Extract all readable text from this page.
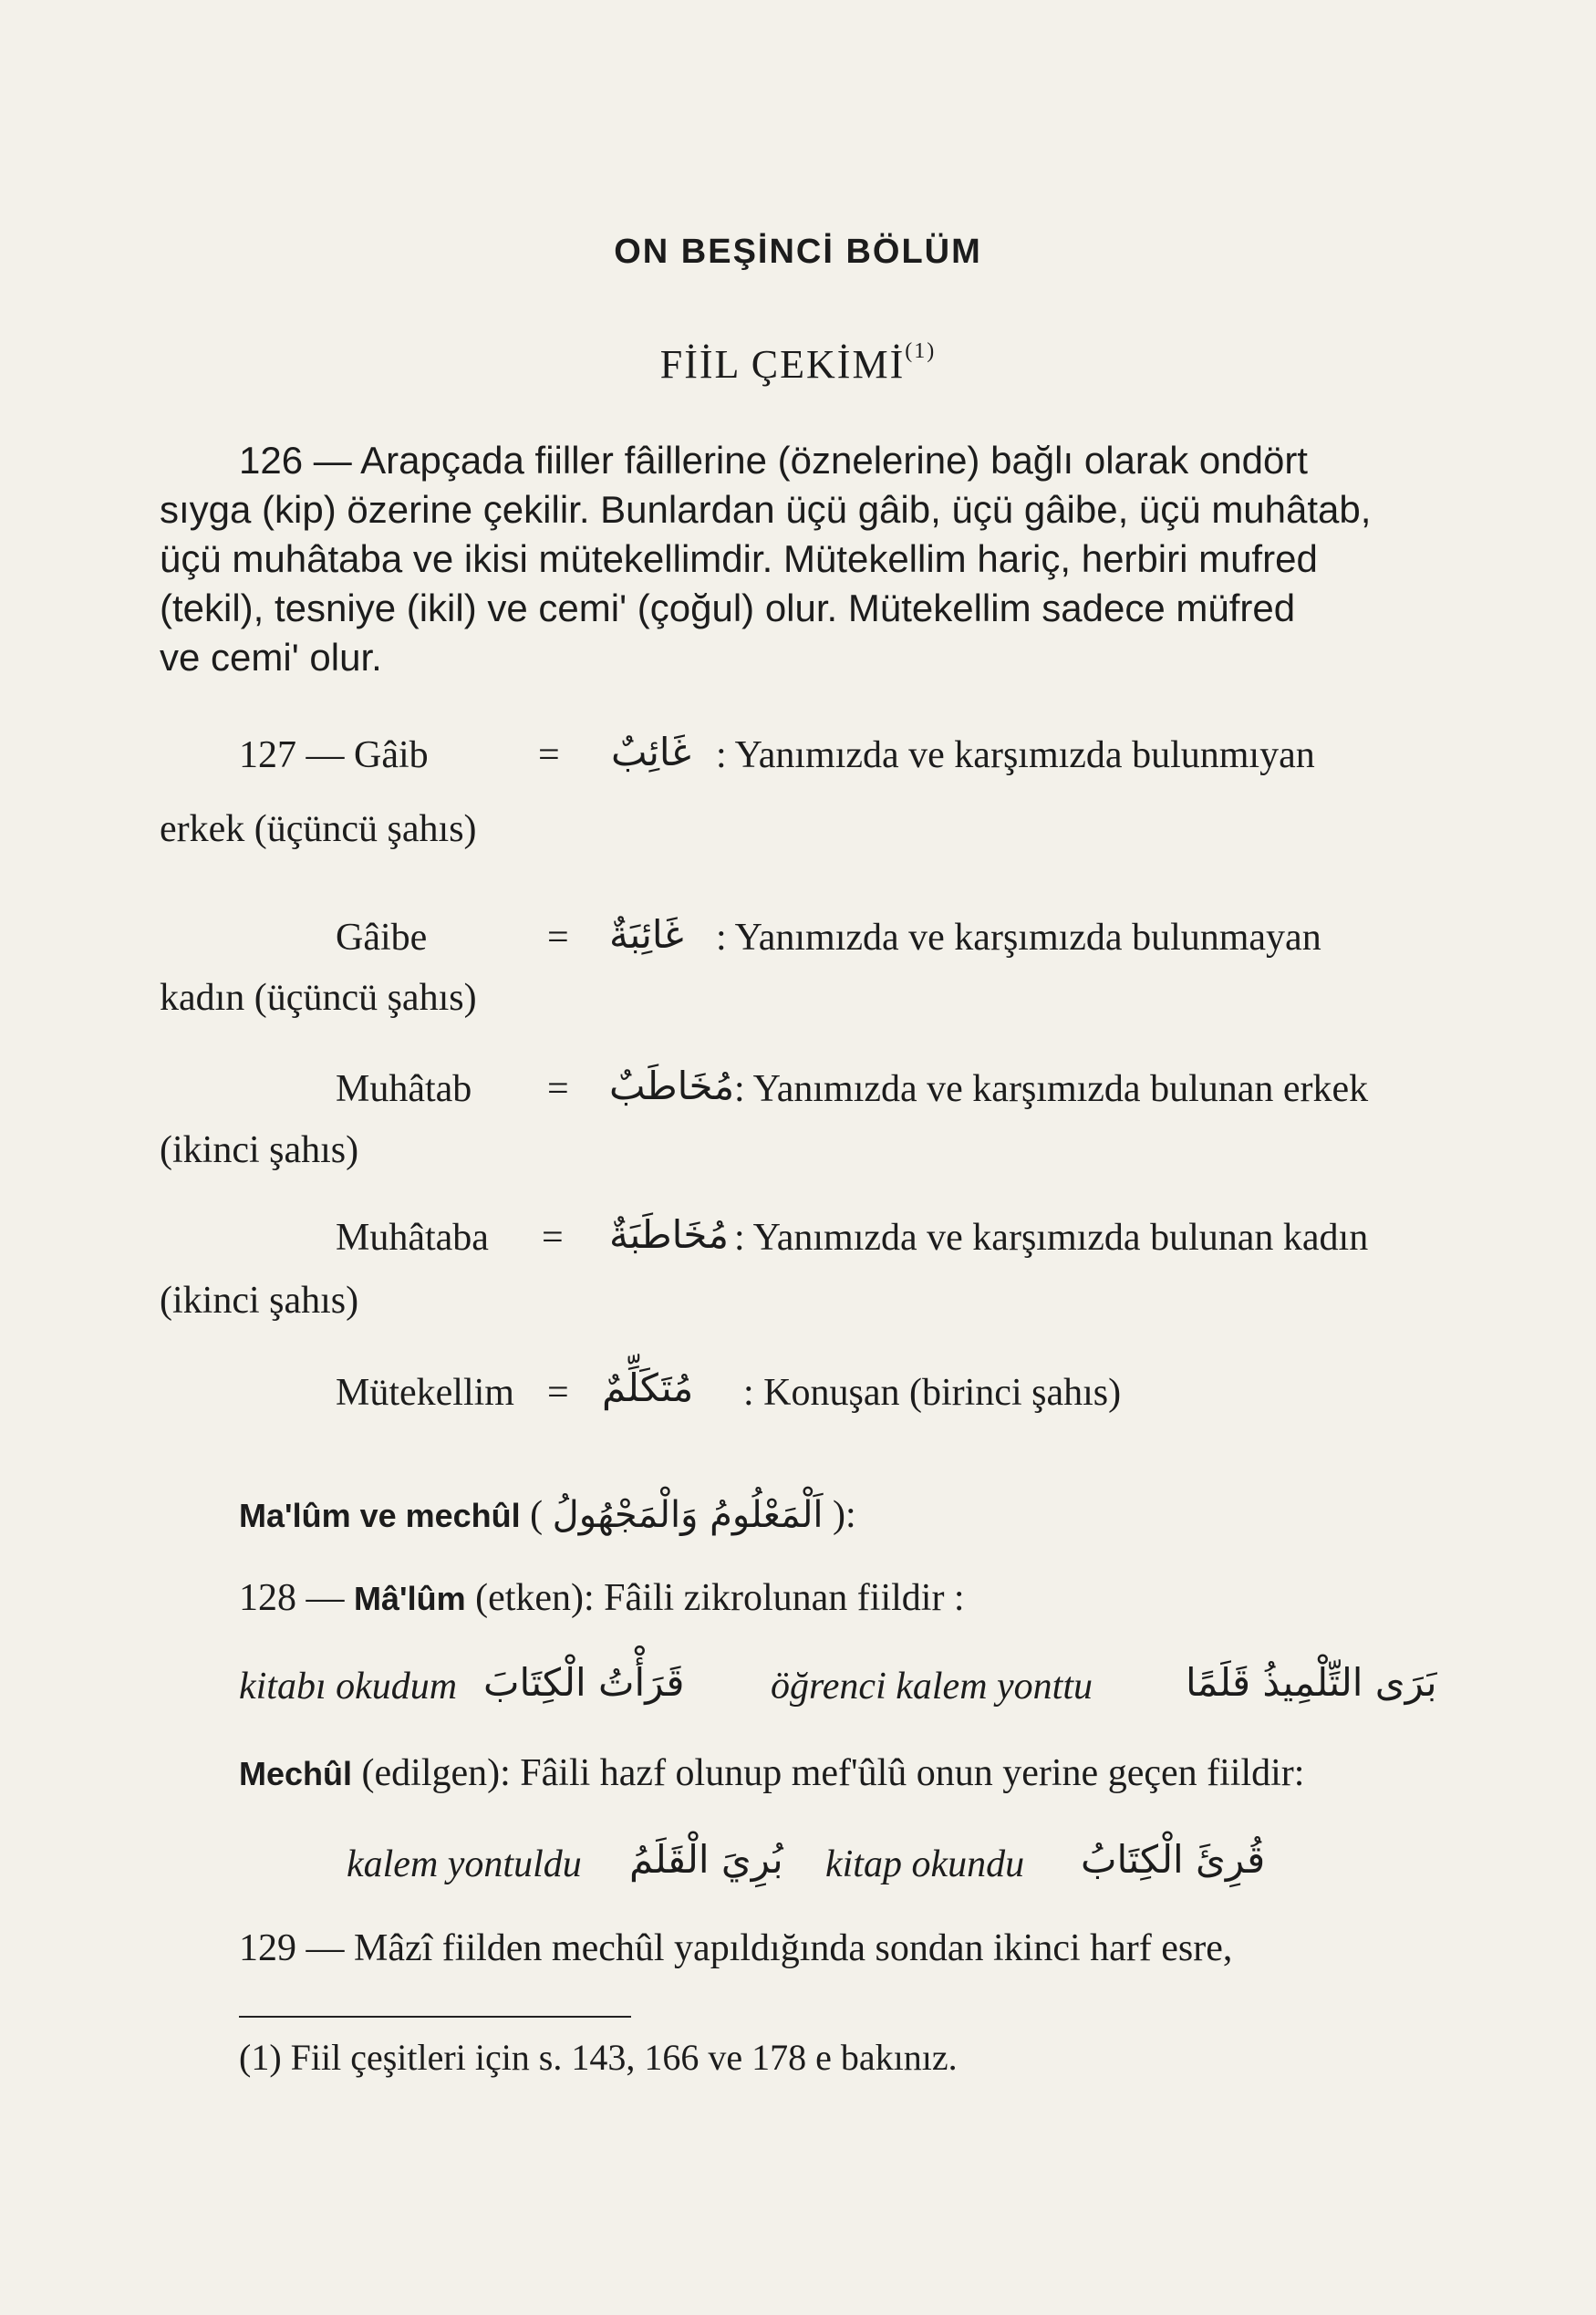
ON BEŞİNCİ BÖLÜM
FİİL ÇEKİMİ$^{(1)}$
126 — Arapçada fiiller fâillerine (öznelerine) bağlı olarak ondört
sıyga (kip) özerine çekilir. Bunlardan üçü gâib, üçü gâibe, üçü muhâtab,
üçü muhâtaba ve ikisi mütekellimdir. Mütekellim hariç, herbiri mufred
(tekil), tesniye (ikil) ve cemi' (çoğul) olur. Mütekellim sadece müfred
ve cemi' olur.
127 — Gâib	= غَائِبٌ : Yanımızda ve karşımızda bulunmıyan
erkek (üçüncü şahıs)
Gâibe	= غَائِبَةٌ : Yanımızda ve karşımızda bulunmayan
kadın (üçüncü şahıs)
Muhâtab = مُخَاطَبٌ : Yanımızda ve karşımızda bulunan erkek
(ikinci şahıs)
Muhâtaba = مُخَاطَبَةٌ : Yanımızda ve karşımızda bulunan kadın
(ikinci şahıs)
Mütekellim = مُتَكَلِّمٌ : Konuşan (birinci şahıs)
Ma'lûm ve mechûl ( اَلْمَعْلُومُ وَالْمَجْهُولُ ):
128 — Mâ'lûm (etken): Fâili zikrolunan fiildir :
kitabı okudum قَرَأْتُ الْكِتَابَ öğrenci kalem yonttu بَرَى التِّلْمِيذُ قَلَمًا
Mechûl (edilgen): Fâili hazf olunup mef'ûlû onun yerine geçen fiildir:
kalem yontuldu بُرِيَ الْقَلَمُ kitap okundu قُرِئَ الْكِتَابُ
129 — Mâzî fiilden mechûl yapıldığında sondan ikinci harf esre,
(1) Fiil çeşitleri için s. 143, 166 ve 178 e bakınız.
